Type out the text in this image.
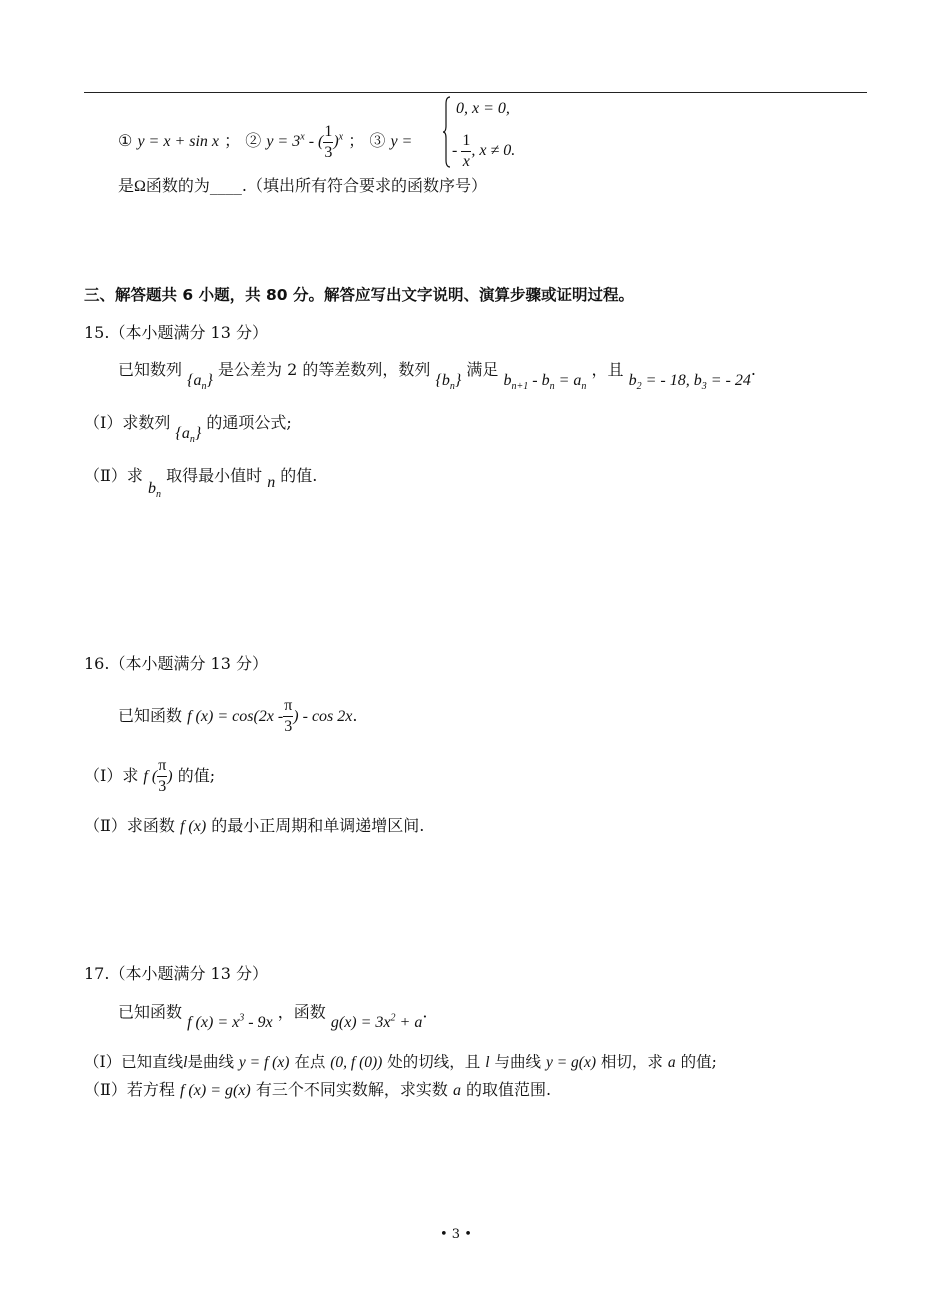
① y = x + sin x ； ② $y = 3^x$ - ( $\frac{1}{3} )^x$ ； ③ y =
0, x = 0,
- $\frac{1}{x}$ , x ≠ 0.
是Ω函数的为____.（填出所有符合要求的函数序号）
三、解答题共 6 小题，共 80 分。解答应写出文字说明、演算步骤或证明过程。
15.（本小题满分 13 分）
已知数列 $\{a_n\}$ 是公差为 2 的等差数列，数列 $\{b_n\}$ 满足 $b_{n+1} - b_n = a_n$ ，且 $b_2$ = - 18, $b_3$ = - 24.
（Ⅰ）求数列 $\{a_n\}$ 的通项公式;
（Ⅱ）求 $b_n$ 取得最小值时 n 的值.
16.（本小题满分 13 分）
已知函数 f $(x) = \cos(2x - \frac{\pi}{3}$ ) - cos 2x.
（Ⅰ）求 f ( $\frac{\pi}{3}$ ) 的值;
（Ⅱ）求函数 f (x) 的最小正周期和单调递增区间.
17.（本小题满分 13 分）
已知函数 f $(x) = x^3 - 9x$ ，函数 $g(x) = 3x^2 + a$.
（Ⅰ）已知直线l是曲线 y = f (x) 在点 (0, f (0)) 处的切线，且 l 与曲线 y = g(x) 相切，求 a 的值;
（Ⅱ）若方程 f (x) = g(x) 有三个不同实数解，求实数 a 的取值范围.
• 3 •
